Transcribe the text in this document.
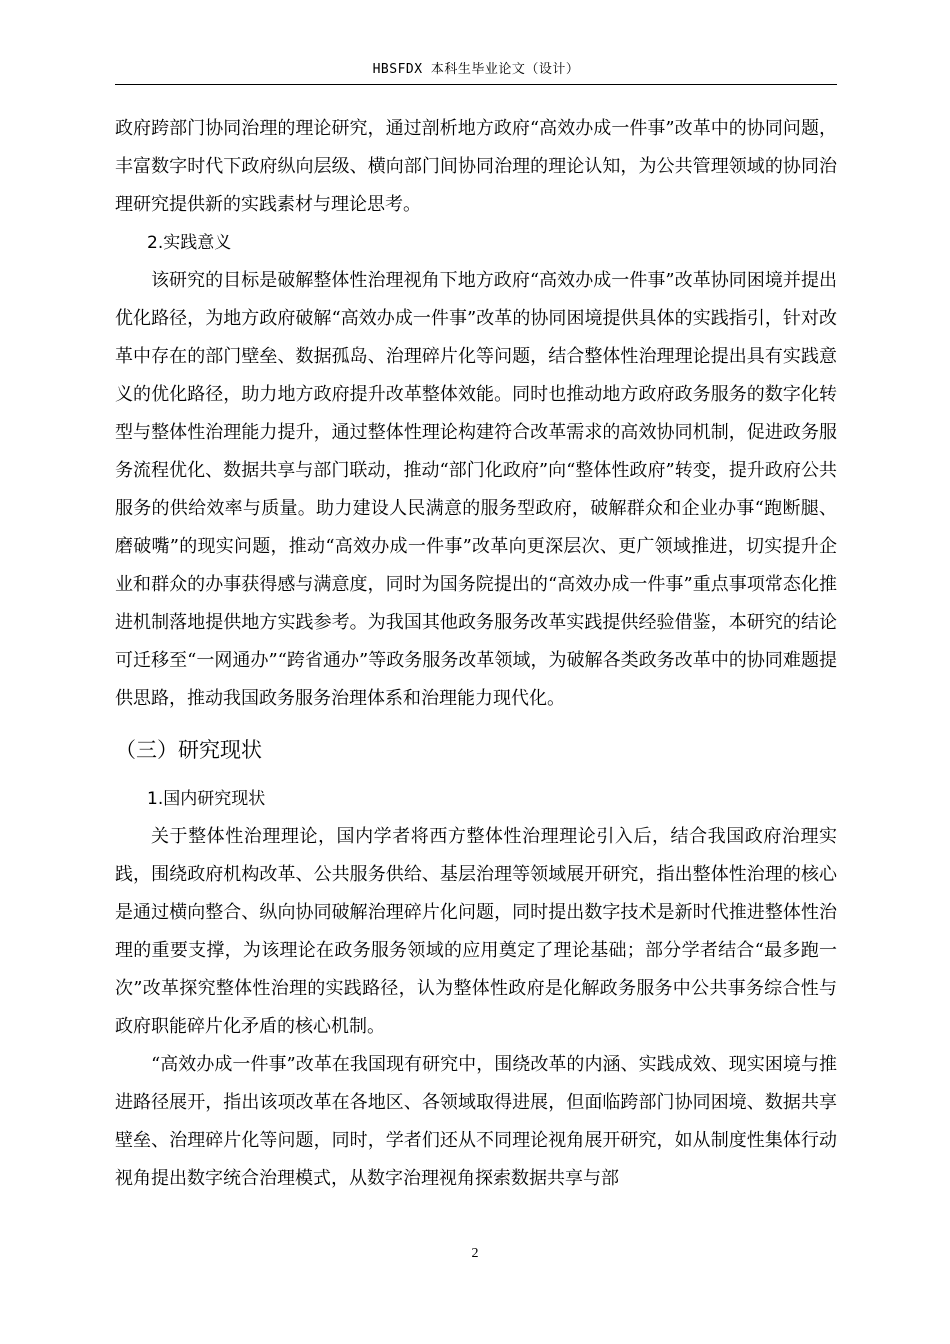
HBSFDX 本科生毕业论文（设计）

政府跨部门协同治理的理论研究，通过剖析地方政府“高效办成一件事”改革中的协同问题，丰富数字时代下政府纵向层级、横向部门间协同治理的理论认知，为公共管理领域的协同治理研究提供新的实践素材与理论思考。

2.实践意义

该研究的目标是破解整体性治理视角下地方政府“高效办成一件事”改革协同困境并提出优化路径，为地方政府破解“高效办成一件事”改革的协同困境提供具体的实践指引，针对改革中存在的部门壁垒、数据孤岛、治理碎片化等问题，结合整体性治理理论提出具有实践意义的优化路径，助力地方政府提升改革整体效能。同时也推动地方政府政务服务的数字化转型与整体性治理能力提升，通过整体性理论构建符合改革需求的高效协同机制，促进政务服务流程优化、数据共享与部门联动，推动“部门化政府”向“整体性政府”转变，提升政府公共服务的供给效率与质量。助力建设人民满意的服务型政府，破解群众和企业办事“跑断腿、磨破嘴”的现实问题，推动“高效办成一件事”改革向更深层次、更广领域推进，切实提升企业和群众的办事获得感与满意度，同时为国务院提出的“高效办成一件事”重点事项常态化推进机制落地提供地方实践参考。为我国其他政务服务改革实践提供经验借鉴，本研究的结论可迁移至“一网通办”“跨省通办”等政务服务改革领域，为破解各类政务改革中的协同难题提供思路，推动我国政务服务治理体系和治理能力现代化。

（三）研究现状
1.国内研究现状

关于整体性治理理论，国内学者将西方整体性治理理论引入后，结合我国政府治理实践，围绕政府机构改革、公共服务供给、基层治理等领域展开研究，指出整体性治理的核心是通过横向整合、纵向协同破解治理碎片化问题，同时提出数字技术是新时代推进整体性治理的重要支撑，为该理论在政务服务领域的应用奠定了理论基础；部分学者结合“最多跑一次”改革探究整体性治理的实践路径，认为整体性政府是化解政务服务中公共事务综合性与政府职能碎片化矛盾的核心机制。

“高效办成一件事”改革在我国现有研究中，围绕改革的内涵、实践成效、现实困境与推进路径展开，指出该项改革在各地区、各领域取得进展，但面临跨部门协同困境、数据共享壁垒、治理碎片化等问题，同时，学者们还从不同理论视角展开研究，如从制度性集体行动视角提出数字统合治理模式，从数字治理视角探索数据共享与部

2
